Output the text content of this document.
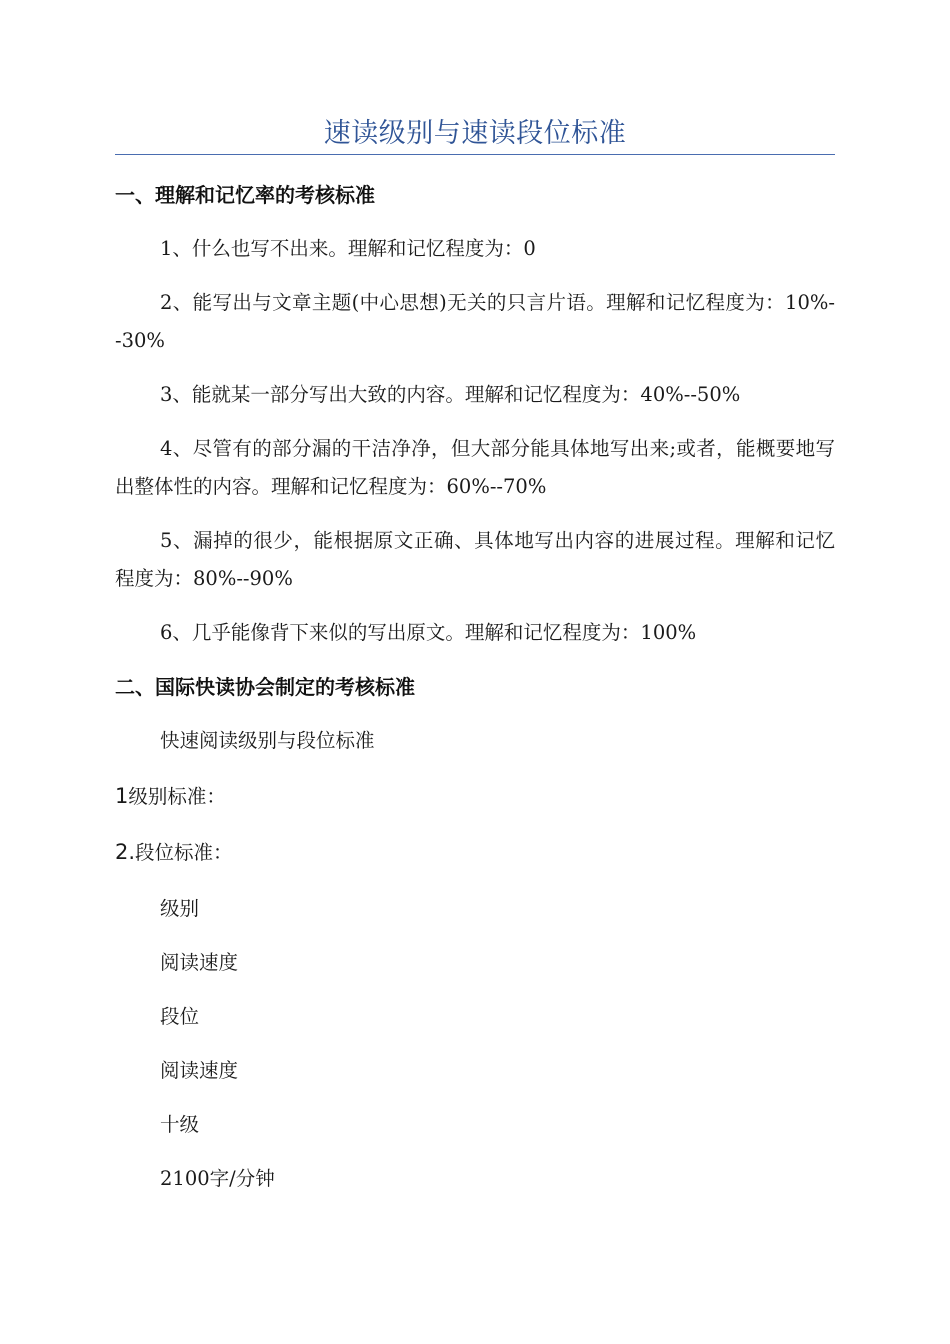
速读级别与速读段位标准
一、理解和记忆率的考核标准
1、什么也写不出来。理解和记忆程度为：0
2、能写出与文章主题(中心思想)无关的只言片语。理解和记忆程度为：10%--30%
3、能就某一部分写出大致的内容。理解和记忆程度为：40%--50%
4、尽管有的部分漏的干洁净净，但大部分能具体地写出来;或者，能概要地写出整体性的内容。理解和记忆程度为：60%--70%
5、漏掉的很少，能根据原文正确、具体地写出内容的进展过程。理解和记忆程度为：80%--90%
6、几乎能像背下来似的写出原文。理解和记忆程度为：100%
二、国际快读协会制定的考核标准
快速阅读级别与段位标准
1级别标准：
2.段位标准：
级别
阅读速度
段位
阅读速度
十级
2100字/分钟
